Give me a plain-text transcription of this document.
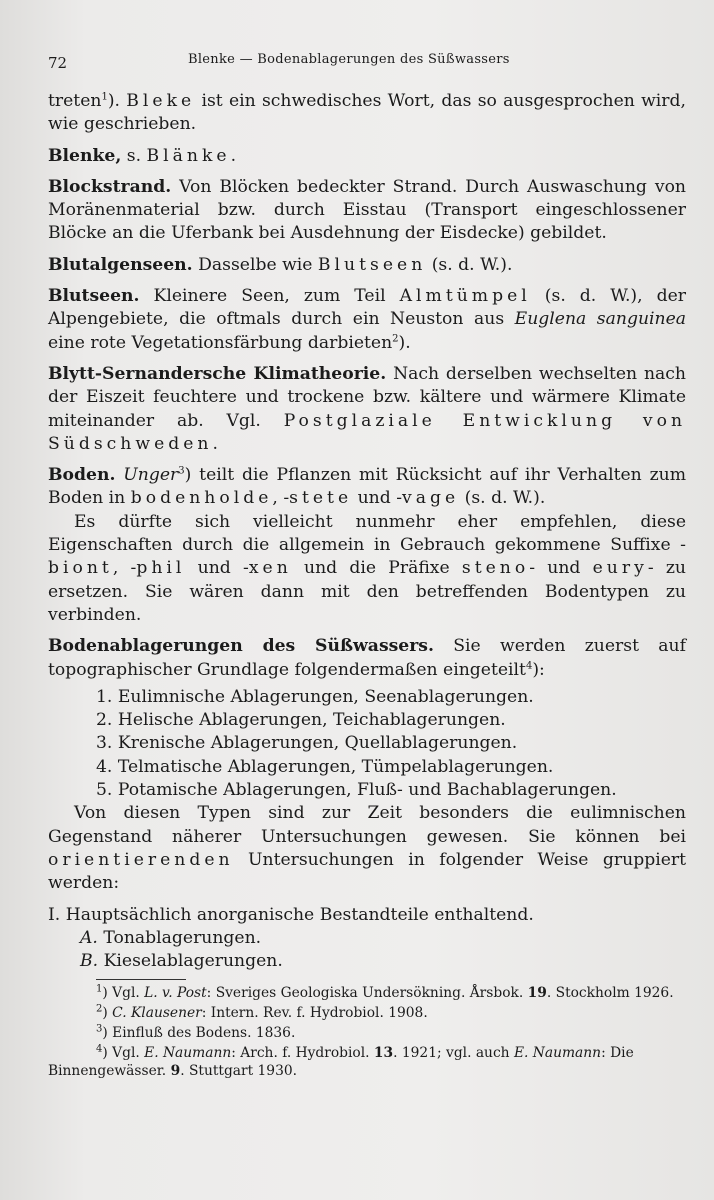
72	Blenke — Bodenablagerungen des Süßwassers

treten$^1$). Bleke ist ein schwedisches Wort, das so ausgesprochen wird, wie geschrieben.

Blenke, s. Blänke.

Blockstrand. Von Blöcken bedeckter Strand. Durch Auswaschung von Moränenmaterial bzw. durch Eisstau (Transport eingeschlossener Blöcke an die Uferbank bei Ausdehnung der Eisdecke) gebildet.

Blutalgenseen. Dasselbe wie Blutseen (s. d. W.).

Blutseen. Kleinere Seen, zum Teil Almtümpel (s. d. W.), der Alpengebiete, die oftmals durch ein Neuston aus Euglena sanguinea eine rote Vegetationsfärbung darbieten$^2$).

Blytt-Sernandersche Klimatheorie. Nach derselben wechselten nach der Eiszeit feuchtere und trockene bzw. kältere und wärmere Klimate miteinander ab. Vgl. Postglaziale Entwicklung von Südschweden.

Boden. Unger$^3$) teilt die Pflanzen mit Rücksicht auf ihr Verhalten zum Boden in bodenholde, -stete und -vage (s. d. W.).

Es dürfte sich vielleicht nunmehr eher empfehlen, diese Eigenschaften durch die allgemein in Gebrauch gekommene Suffixe -biont, -phil und -xen und die Präfixe steno- und eury- zu ersetzen. Sie wären dann mit den betreffenden Bodentypen zu verbinden.

Bodenablagerungen des Süßwassers. Sie werden zuerst auf topographischer Grundlage folgendermaßen eingeteilt$^4$):

1. Eulimnische Ablagerungen, Seenablagerungen.
2. Helische Ablagerungen, Teichablagerungen.
3. Krenische Ablagerungen, Quellablagerungen.
4. Telmatische Ablagerungen, Tümpelablagerungen.
5. Potamische Ablagerungen, Fluß- und Bachablagerungen.

Von diesen Typen sind zur Zeit besonders die eulimnischen Gegenstand näherer Untersuchungen gewesen. Sie können bei orientierenden Untersuchungen in folgender Weise gruppiert werden:

I. Hauptsächlich anorganische Bestandteile enthaltend.

A. Tonablagerungen.

B. Kieselablagerungen.

$^1$) Vgl. L. v. Post: Sveriges Geologiska Undersökning. Årsbok. 19. Stockholm 1926.

$^2$) C. Klausener: Intern. Rev. f. Hydrobiol. 1908.

$^3$) Einfluß des Bodens. 1836.

$^4$) Vgl. E. Naumann: Arch. f. Hydrobiol. 13. 1921; vgl. auch E. Naumann: Die Binnengewässer. 9. Stuttgart 1930.
